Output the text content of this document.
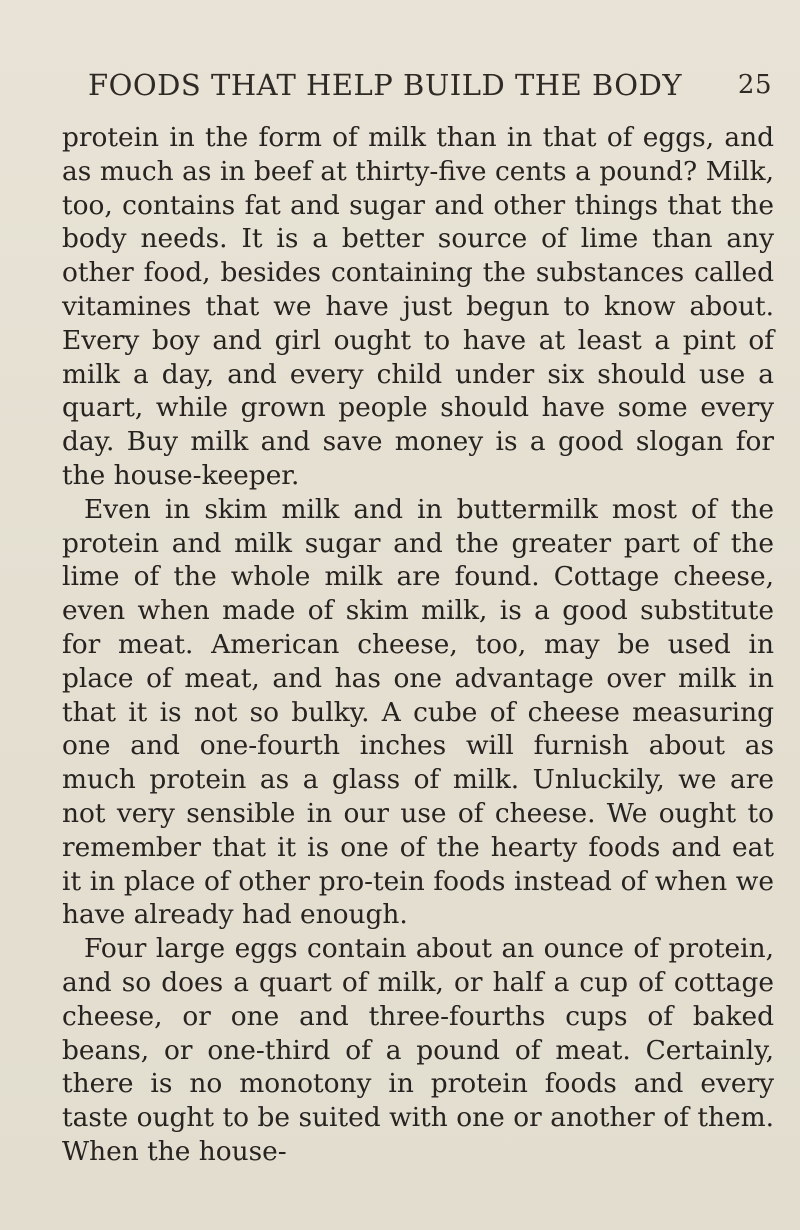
FOODS THAT HELP BUILD THE BODY 25

protein in the form of milk than in that of eggs, and as much as in beef at thirty-five cents a pound? Milk, too, contains fat and sugar and other things that the body needs. It is a better source of lime than any other food, besides containing the substances called vitamines that we have just begun to know about. Every boy and girl ought to have at least a pint of milk a day, and every child under six should use a quart, while grown people should have some every day. Buy milk and save money is a good slogan for the house-keeper.

Even in skim milk and in buttermilk most of the protein and milk sugar and the greater part of the lime of the whole milk are found. Cottage cheese, even when made of skim milk, is a good substitute for meat. American cheese, too, may be used in place of meat, and has one advantage over milk in that it is not so bulky. A cube of cheese measuring one and one-fourth inches will furnish about as much protein as a glass of milk. Unluckily, we are not very sensible in our use of cheese. We ought to remember that it is one of the hearty foods and eat it in place of other pro-tein foods instead of when we have already had enough.

Four large eggs contain about an ounce of protein, and so does a quart of milk, or half a cup of cottage cheese, or one and three-fourths cups of baked beans, or one-third of a pound of meat. Certainly, there is no monotony in protein foods and every taste ought to be suited with one or another of them. When the house-
